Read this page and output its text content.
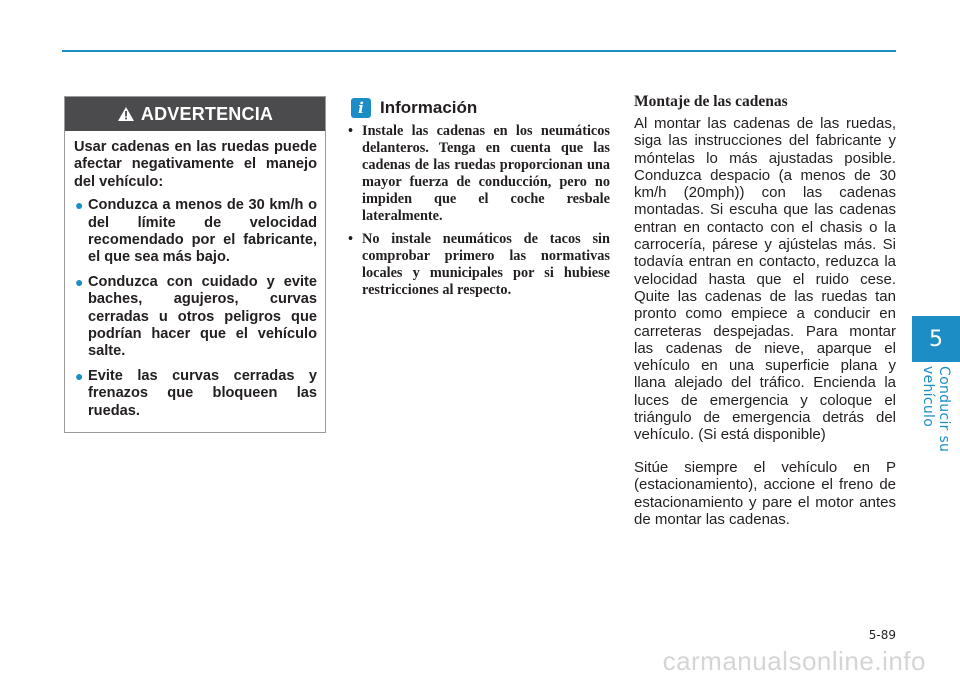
ADVERTENCIA

Usar cadenas en las ruedas puede afectar negativamente el manejo del vehículo:

● Conduzca a menos de 30 km/h o del límite de velocidad recomendado por el fabricante, el que sea más bajo.
● Conduzca con cuidado y evite baches, agujeros, curvas cerradas u otros peligros que podrían hacer que el vehículo salte.
● Evite las curvas cerradas y frenazos que bloqueen las ruedas.
i Información
• Instale las cadenas en los neumáticos delanteros. Tenga en cuenta que las cadenas de las ruedas proporcionan una mayor fuerza de conducción, pero no impiden que el coche resbale lateralmente.
• No instale neumáticos de tacos sin comprobar primero las normativas locales y municipales por si hubiese restricciones al respecto.
Montaje de las cadenas

Al montar las cadenas de las ruedas, siga las instrucciones del fabricante y móntelas lo más ajustadas posible. Conduzca despacio (a menos de 30 km/h (20mph)) con las cadenas montadas. Si escuha que las cadenas entran en contacto con el chasis o la carrocería, párese y ajústelas más. Si todavía entran en contacto, reduzca la velocidad hasta que el ruido cese. Quite las cadenas de las ruedas tan pronto como empiece a conducir en carreteras despejadas. Para montar las cadenas de nieve, aparque el vehículo en una superficie plana y llana alejado del tráfico. Encienda la luces de emergencia y coloque el triángulo de emergencia detrás del vehículo. (Si está disponible)

Sitúe siempre el vehículo en P (estacionamiento), accione el freno de estacionamiento y pare el motor antes de montar las cadenas.

5
Conducir su vehículo
5-89
carmanualsonline.info
